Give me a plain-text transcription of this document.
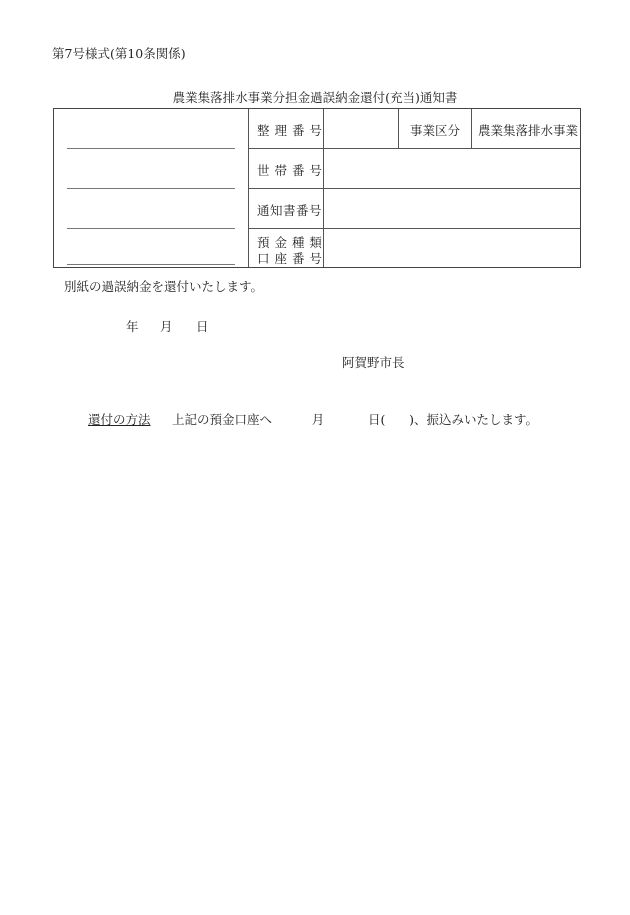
第7号様式(第10条関係)
農業集落排水事業分担金過誤納金還付(充当)通知書
整 理 番 号	事業区分 農業集落排水事業
世 帯 番 号
通知書番号
預 金 種 類
口 座 番 号
別紙の過誤納金を還付いたします。
年 月 日
阿賀野市長
還付の方法 上記の預金口座へ          月           日(      )、振込みいたします。
